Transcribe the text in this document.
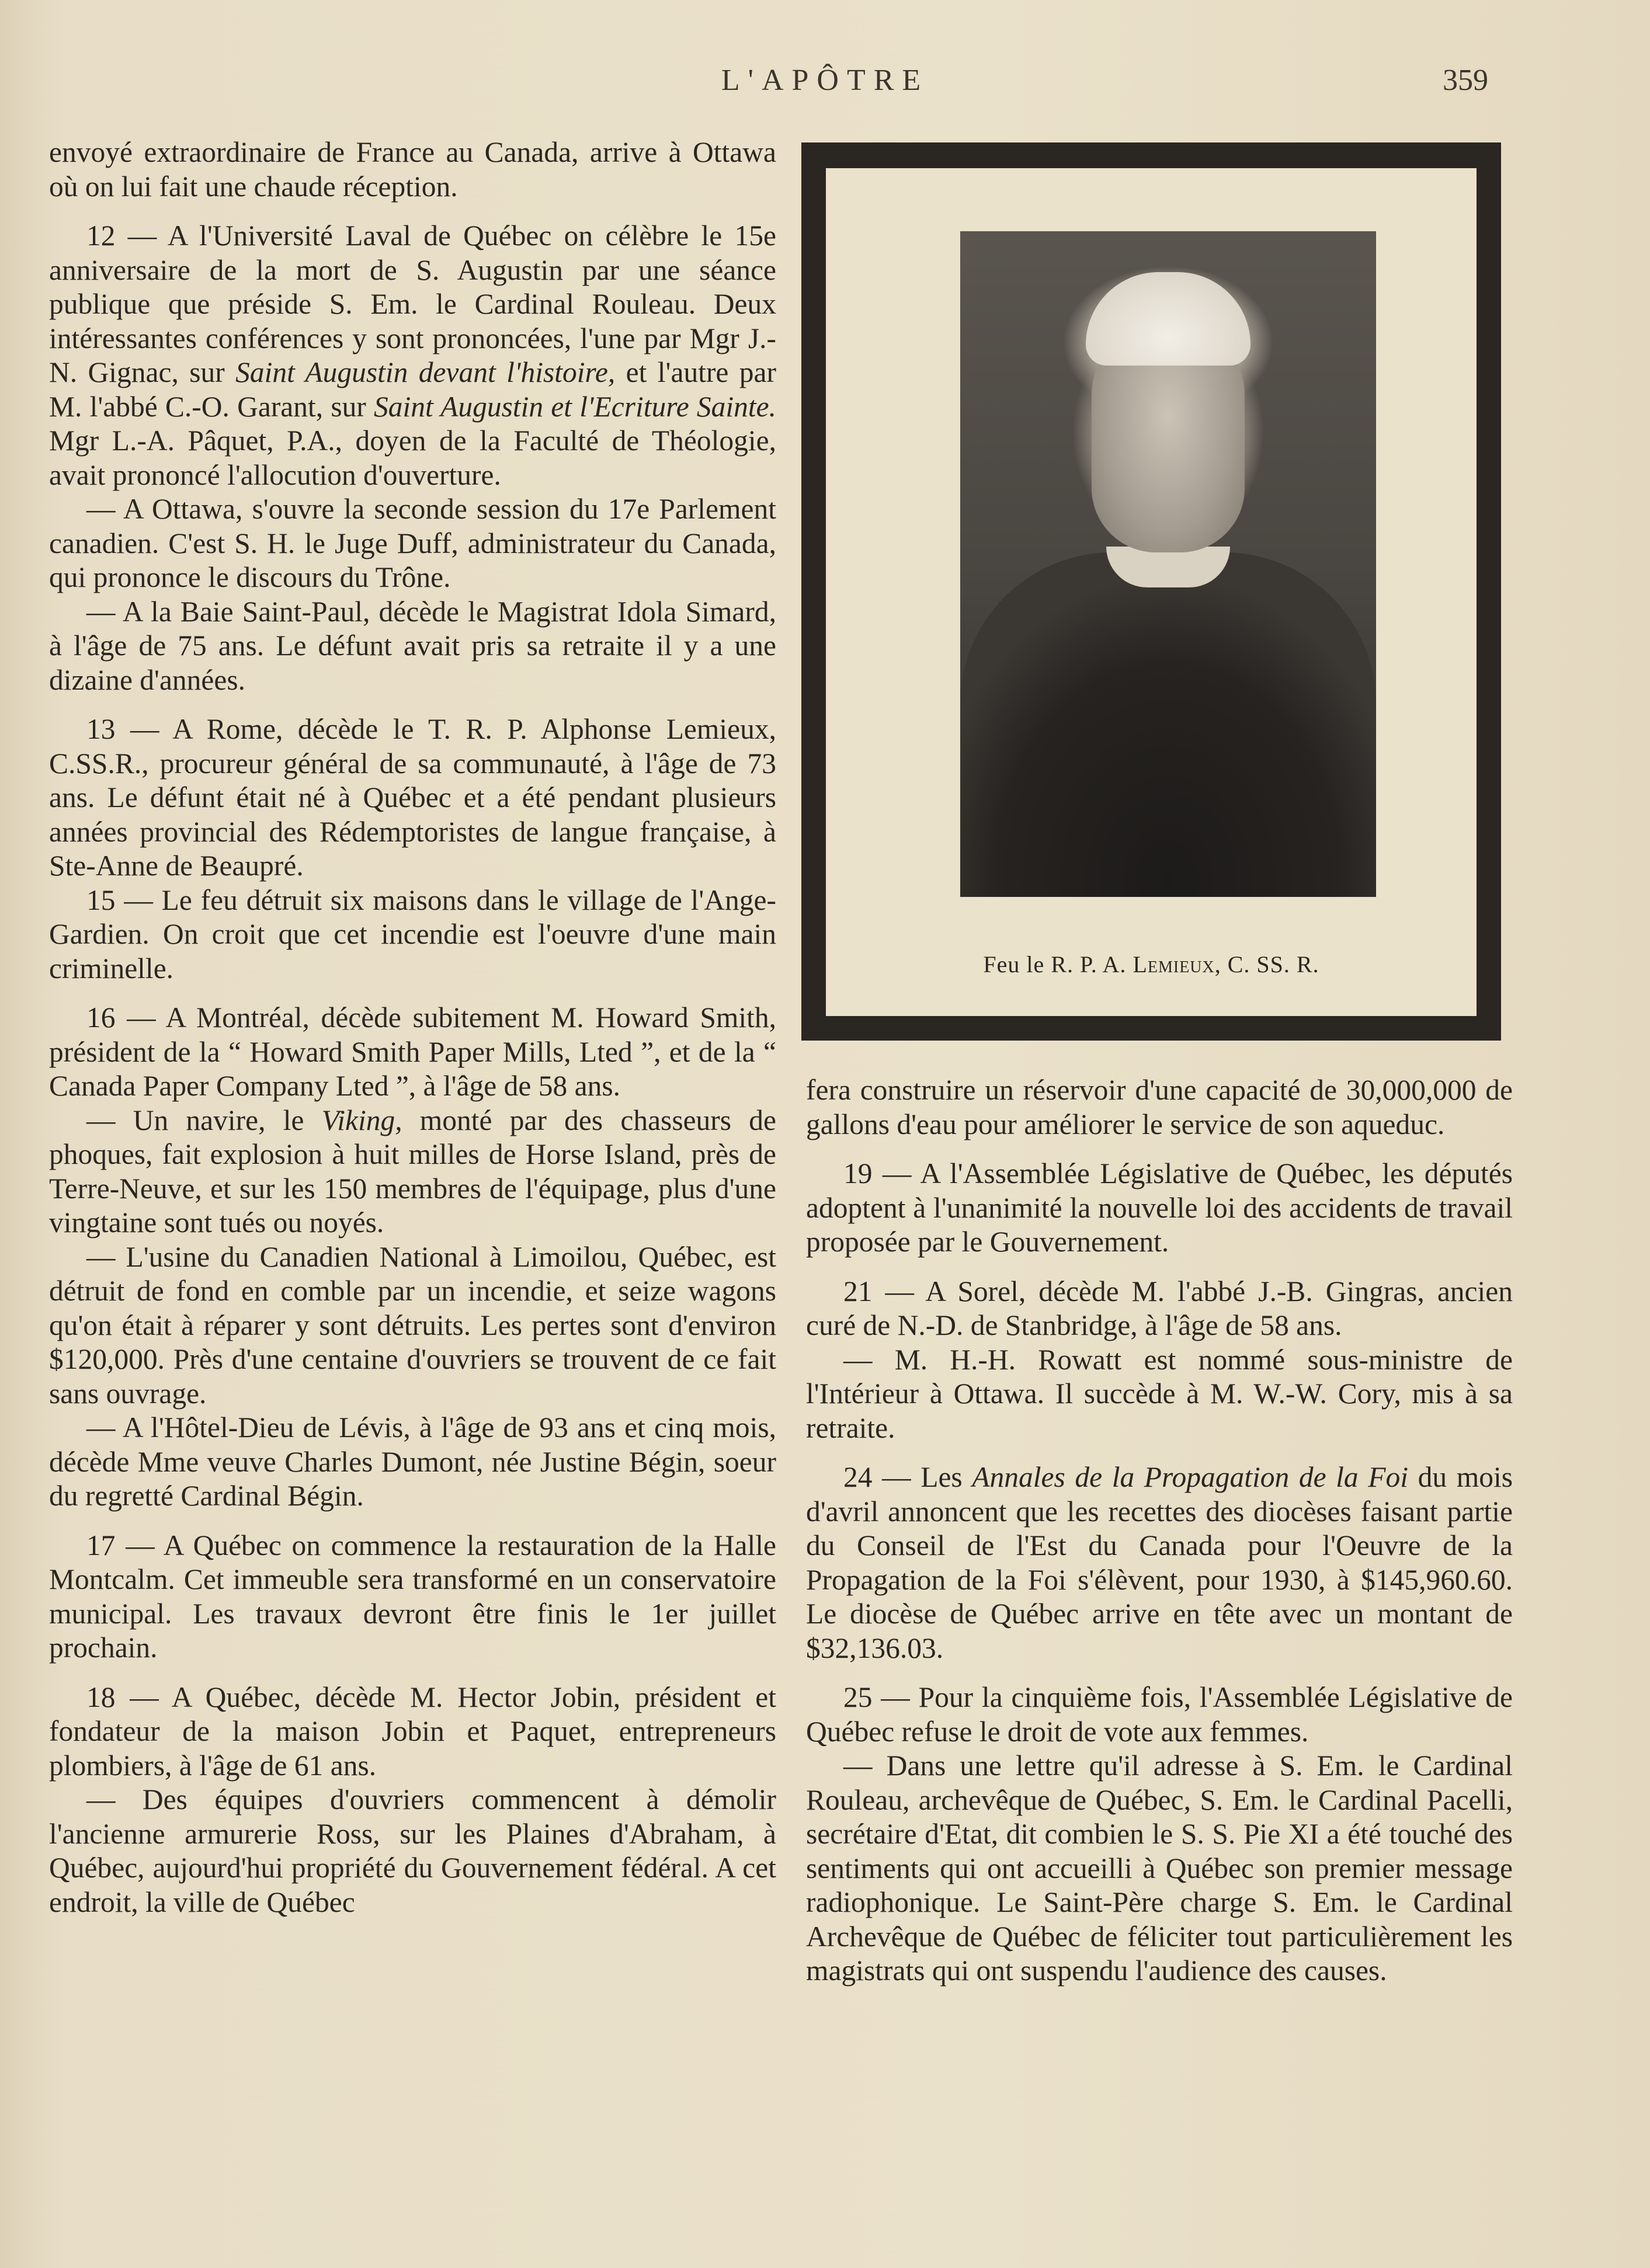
L'APÔTRE	359

envoyé extraordinaire de France au Canada, arrive à Ottawa où on lui fait une chaude réception.

12 — A l'Université Laval de Québec on célèbre le 15e anniversaire de la mort de S. Augustin par une séance publique que préside S. Em. le Cardinal Rouleau. Deux intéressantes conférences y sont prononcées, l'une par Mgr J.-N. Gignac, sur Saint Augustin devant l'histoire, et l'autre par M. l'abbé C.-O. Garant, sur Saint Augustin et l'Ecriture Sainte. Mgr L.-A. Pâquet, P.A., doyen de la Faculté de Théologie, avait prononcé l'allocution d'ouverture.

— A Ottawa, s'ouvre la seconde session du 17e Parlement canadien. C'est S. H. le Juge Duff, administrateur du Canada, qui prononce le discours du Trône.

— A la Baie Saint-Paul, décède le Magistrat Idola Simard, à l'âge de 75 ans. Le défunt avait pris sa retraite il y a une dizaine d'années.

13 — A Rome, décède le T. R. P. Alphonse Lemieux, C.SS.R., procureur général de sa communauté, à l'âge de 73 ans. Le défunt était né à Québec et a été pendant plusieurs années provincial des Rédemptoristes de langue française, à Ste-Anne de Beaupré.

15 — Le feu détruit six maisons dans le village de l'Ange-Gardien. On croit que cet incendie est l'oeuvre d'une main criminelle.

16 — A Montréal, décède subitement M. Howard Smith, président de la “ Howard Smith Paper Mills, Lted ”, et de la “ Canada Paper Company Lted ”, à l'âge de 58 ans.

— Un navire, le Viking, monté par des chasseurs de phoques, fait explosion à huit milles de Horse Island, près de Terre-Neuve, et sur les 150 membres de l'équipage, plus d'une vingtaine sont tués ou noyés.

— L'usine du Canadien National à Limoilou, Québec, est détruit de fond en comble par un incendie, et seize wagons qu'on était à réparer y sont détruits. Les pertes sont d'environ $120,000. Près d'une centaine d'ouvriers se trouvent de ce fait sans ouvrage.

— A l'Hôtel-Dieu de Lévis, à l'âge de 93 ans et cinq mois, décède Mme veuve Charles Dumont, née Justine Bégin, soeur du regretté Cardinal Bégin.

17 — A Québec on commence la restauration de la Halle Montcalm. Cet immeuble sera transformé en un conservatoire municipal. Les travaux devront être finis le 1er juillet prochain.

18 — A Québec, décède M. Hector Jobin, président et fondateur de la maison Jobin et Paquet, entrepreneurs plombiers, à l'âge de 61 ans.

— Des équipes d'ouvriers commencent à démolir l'ancienne armurerie Ross, sur les Plaines d'Abraham, à Québec, aujourd'hui propriété du Gouvernement fédéral. A cet endroit, la ville de Québec

Feu le R. P. A. Lemieux, C. SS. R.

fera construire un réservoir d'une capacité de 30,000,000 de gallons d'eau pour améliorer le service de son aqueduc.

19 — A l'Assemblée Législative de Québec, les députés adoptent à l'unanimité la nouvelle loi des accidents de travail proposée par le Gouvernement.

21 — A Sorel, décède M. l'abbé J.-B. Gingras, ancien curé de N.-D. de Stanbridge, à l'âge de 58 ans.

— M. H.-H. Rowatt est nommé sous-ministre de l'Intérieur à Ottawa. Il succède à M. W.-W. Cory, mis à sa retraite.

24 — Les Annales de la Propagation de la Foi du mois d'avril annoncent que les recettes des diocèses faisant partie du Conseil de l'Est du Canada pour l'Oeuvre de la Propagation de la Foi s'élèvent, pour 1930, à $145,960.60. Le diocèse de Québec arrive en tête avec un montant de $32,136.03.

25 — Pour la cinquième fois, l'Assemblée Législative de Québec refuse le droit de vote aux femmes.

— Dans une lettre qu'il adresse à S. Em. le Cardinal Rouleau, archevêque de Québec, S. Em. le Cardinal Pacelli, secrétaire d'Etat, dit combien le S. S. Pie XI a été touché des sentiments qui ont accueilli à Québec son premier message radiophonique. Le Saint-Père charge S. Em. le Cardinal Archevêque de Québec de féliciter tout particulièrement les magistrats qui ont suspendu l'audience des causes.
